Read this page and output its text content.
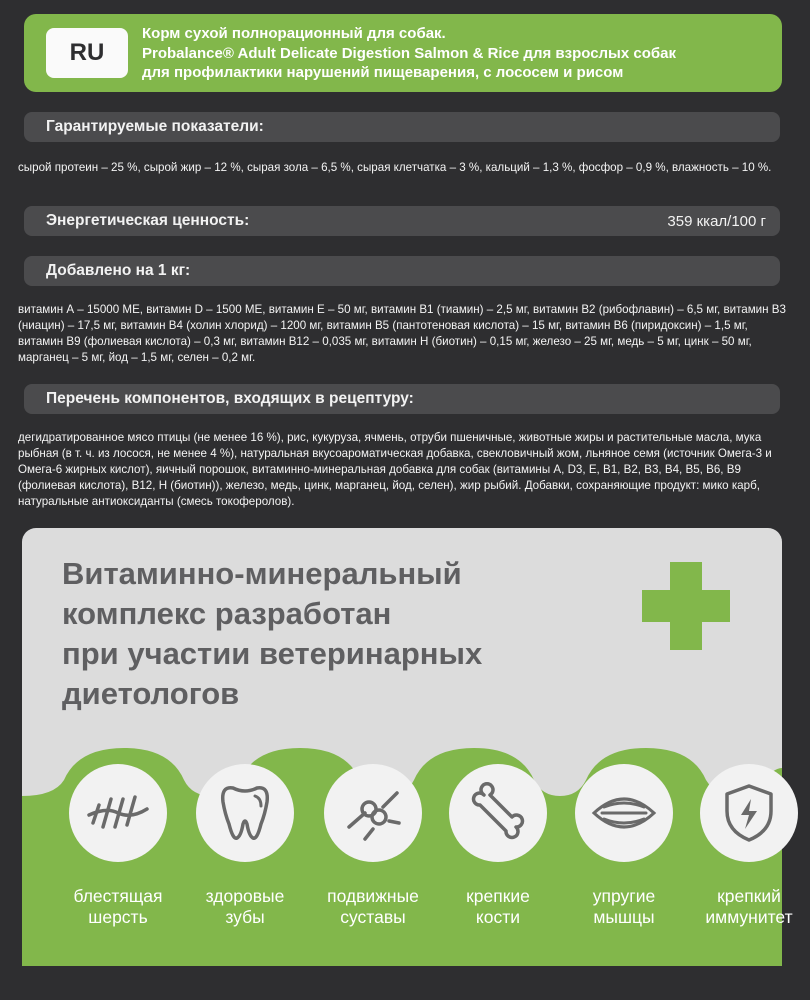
RU
Корм сухой полнорационный для собак.
Probalance® Adult Delicate Digestion Salmon & Rice для взрослых собак
для профилактики нарушений пищеварения, с лососем и рисом
Гарантируемые показатели:
сырой протеин – 25 %, сырой жир – 12 %, сырая зола – 6,5 %, сырая клетчатка – 3 %, кальций – 1,3 %, фосфор – 0,9 %, влажность – 10 %.
Энергетическая ценность:	359 ккал/100 г
Добавлено на 1 кг:
витамин А – 15000 МЕ, витамин D – 1500 МЕ, витамин Е – 50 мг, витамин В1 (тиамин) – 2,5 мг, витамин В2 (рибофлавин) – 6,5 мг, витамин В3 (ниацин) – 17,5 мг, витамин В4 (холин хлорид) – 1200 мг, витамин В5 (пантотеновая кислота) – 15 мг, витамин В6 (пиридоксин) – 1,5 мг, витамин В9 (фолиевая кислота) – 0,3 мг, витамин В12 – 0,035 мг, витамин Н (биотин) – 0,15 мг, железо – 25 мг, медь – 5 мг, цинк – 50 мг, марганец – 5 мг, йод – 1,5 мг, селен – 0,2 мг.
Перечень компонентов, входящих в рецептуру:
дегидратированное мясо птицы (не менее 16 %), рис, кукуруза, ячмень, отруби пшеничные, животные жиры и растительные масла, мука рыбная (в т. ч. из лосося, не менее 4 %), натуральная вкусоароматическая добавка, свекловичный жом, льняное семя (источник Омега-3 и Омега-6 жирных кислот), яичный порошок, витаминно-минеральная добавка для собак (витамины А, D3, Е, В1, В2, В3, В4, В5, В6, В9 (фолиевая кислота), В12, Н (биотин)), железо, медь, цинк, марганец, йод, селен), жир рыбий. Добавки, сохраняющие продукт: мико карб, натуральные антиоксиданты (смесь токоферолов).
Витаминно-минеральный
комплекс разработан
при участии ветеринарных
диетологов
блестящая
шерсть
здоровые
зубы
подвижные
суставы
крепкие
кости
упругие
мышцы
крепкий
иммунитет
